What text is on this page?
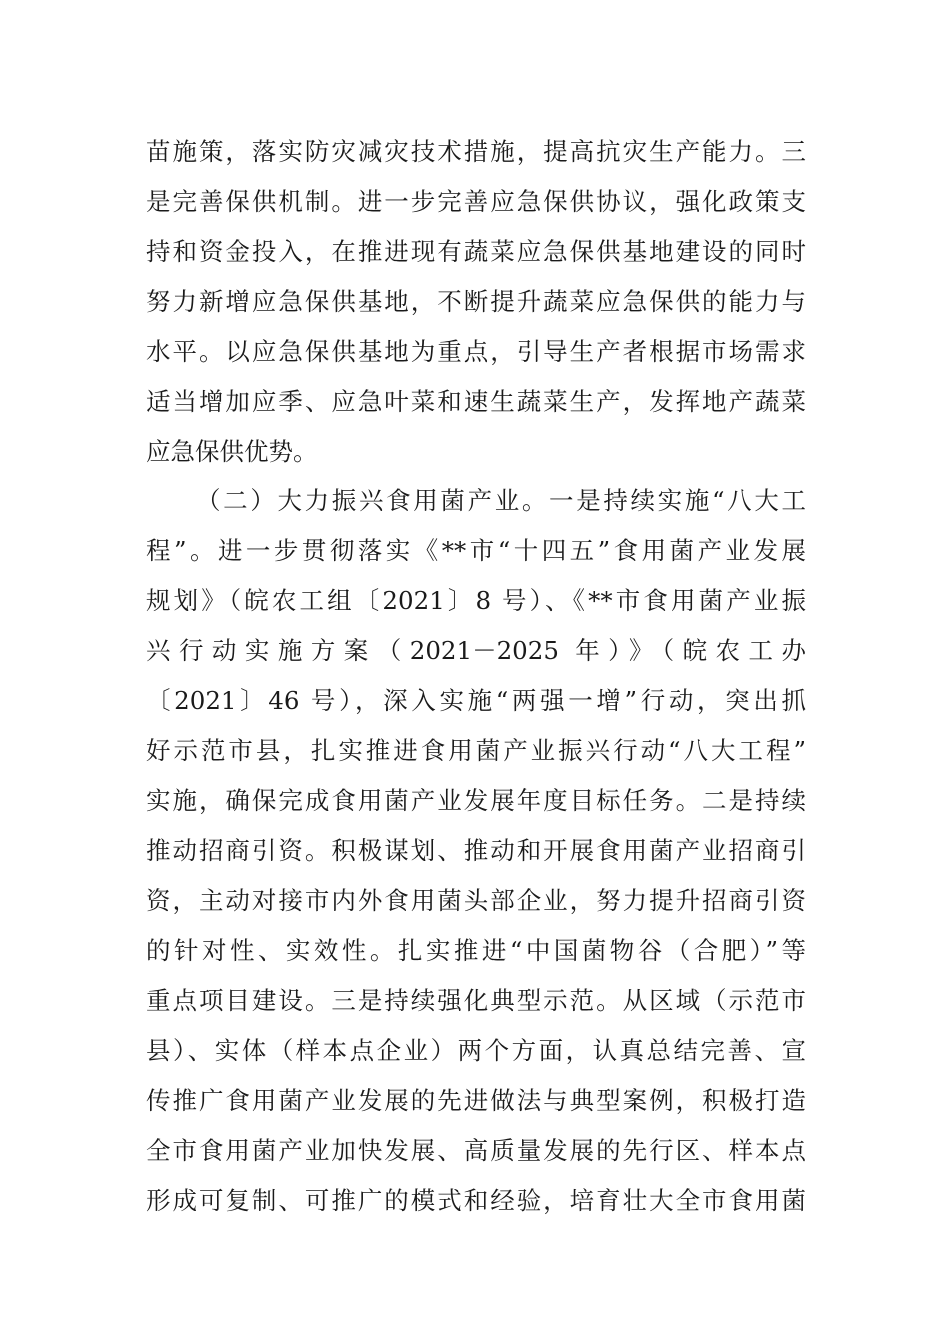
苗施策，落实防灾减灾技术措施，提高抗灾生产能力。三
是完善保供机制。进一步完善应急保供协议，强化政策支
持和资金投入，在推进现有蔬菜应急保供基地建设的同时
努力新增应急保供基地，不断提升蔬菜应急保供的能力与
水平。以应急保供基地为重点，引导生产者根据市场需求
适当增加应季、应急叶菜和速生蔬菜生产，发挥地产蔬菜
应急保供优势。
（二）大力振兴食用菌产业。一是持续实施“八大工
程”。进一步贯彻落实《**市“十四五”食用菌产业发展
规划》（皖农工组〔2021〕8 号）、《**市食用菌产业振
兴行动实施方案（2021－2025 年）》（皖农工办
〔2021〕46 号），深入实施“两强一增”行动，突出抓
好示范市县，扎实推进食用菌产业振兴行动“八大工程”
实施，确保完成食用菌产业发展年度目标任务。二是持续
推动招商引资。积极谋划、推动和开展食用菌产业招商引
资，主动对接市内外食用菌头部企业，努力提升招商引资
的针对性、实效性。扎实推进“中国菌物谷（合肥）”等
重点项目建设。三是持续强化典型示范。从区域（示范市
县）、实体（样本点企业）两个方面，认真总结完善、宣
传推广食用菌产业发展的先进做法与典型案例，积极打造
全市食用菌产业加快发展、高质量发展的先行区、样本点
形成可复制、可推广的模式和经验，培育壮大全市食用菌
